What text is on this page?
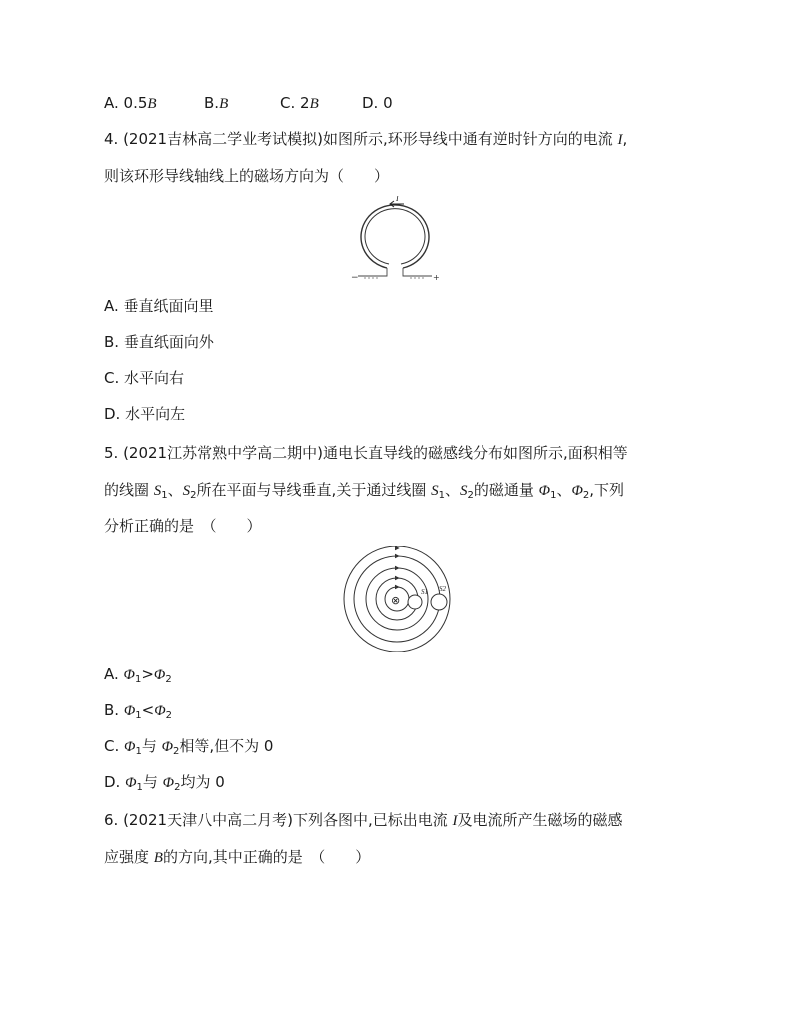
A. 0.5B	B.B	C. 2B	D. 0
4. (2021吉林高二学业考试模拟)如图所示,环形导线中通有逆时针方向的电流 I,
则该环形导线轴线上的磁场方向为（　　）
I
−	+
A. 垂直纸面向里
B. 垂直纸面向外
C. 水平向右
D. 水平向左
5. (2021江苏常熟中学高二期中)通电长直导线的磁感线分布如图所示,面积相等
的线圈 $S_1$、$S_2$所在平面与导线垂直,关于通过线圈 $S_1$、$S_2$的磁通量 $\Phi_1$、$\Phi_2$,下列
分析正确的是　（　　）
⊗
S1 S2
A. $\Phi_1>\Phi_2$
B. $\Phi_1<\Phi_2$
C. $\Phi_1$与 $\Phi_2$相等,但不为 0
D. $\Phi_1$与 $\Phi_2$均为 0
6. (2021天津八中高二月考)下列各图中,已标出电流 I及电流所产生磁场的磁感
应强度 B的方向,其中正确的是　（　　）
